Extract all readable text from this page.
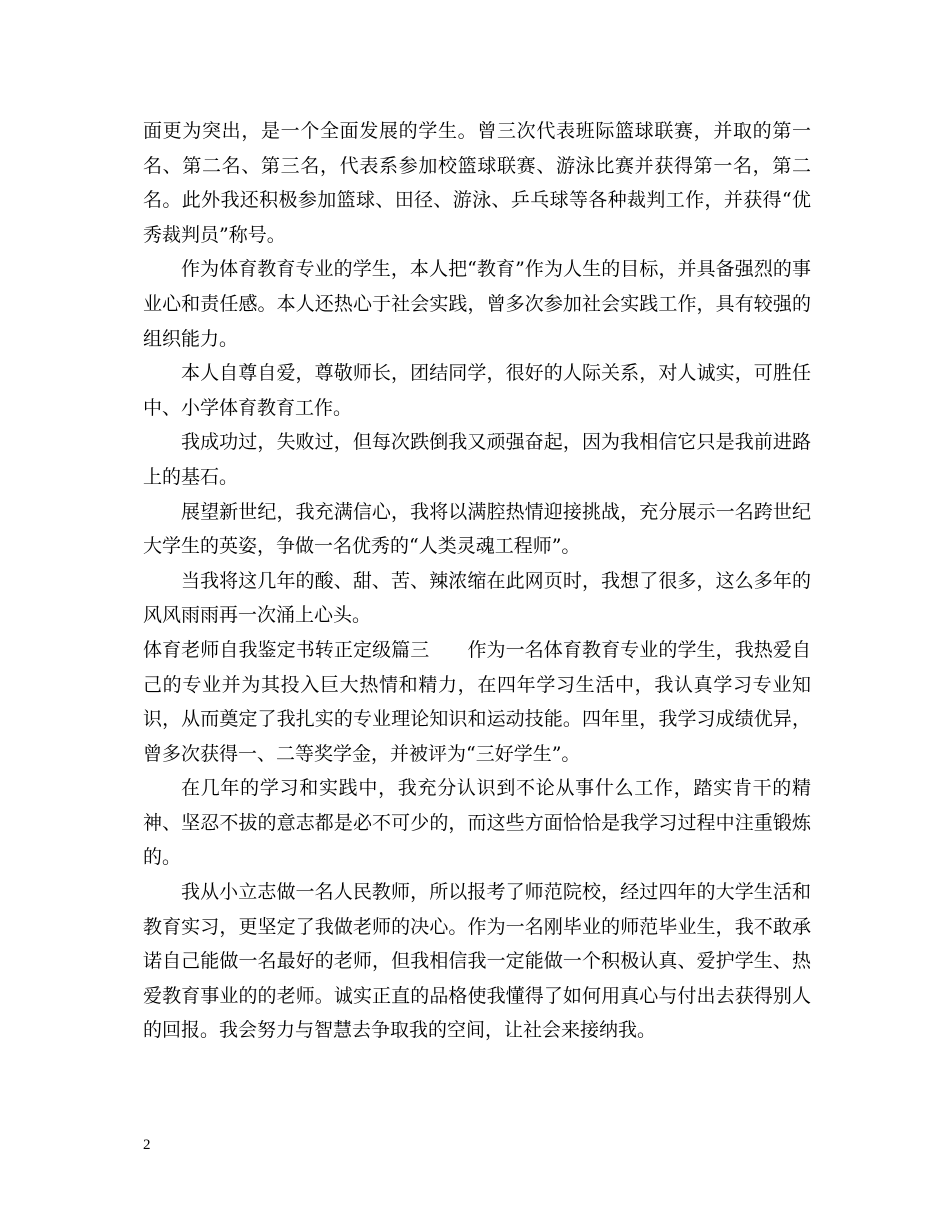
面更为突出，是一个全面发展的学生。曾三次代表班际篮球联赛，并取的第一名、第二名、第三名，代表系参加校篮球联赛、游泳比赛并获得第一名，第二名。此外我还积极参加篮球、田径、游泳、乒乓球等各种裁判工作，并获得“优秀裁判员”称号。

作为体育教育专业的学生，本人把“教育”作为人生的目标，并具备强烈的事业心和责任感。本人还热心于社会实践，曾多次参加社会实践工作，具有较强的组织能力。

本人自尊自爱，尊敬师长，团结同学，很好的人际关系，对人诚实，可胜任中、小学体育教育工作。

我成功过，失败过，但每次跌倒我又顽强奋起，因为我相信它只是我前进路上的基石。

展望新世纪，我充满信心，我将以满腔热情迎接挑战，充分展示一名跨世纪大学生的英姿，争做一名优秀的“人类灵魂工程师”。

当我将这几年的酸、甜、苦、辣浓缩在此网页时，我想了很多，这么多年的风风雨雨再一次涌上心头。

体育老师自我鉴定书转正定级篇三 作为一名体育教育专业的学生，我热爱自己的专业并为其投入巨大热情和精力，在四年学习生活中，我认真学习专业知识，从而奠定了我扎实的专业理论知识和运动技能。四年里，我学习成绩优异，曾多次获得一、二等奖学金，并被评为“三好学生”。

在几年的学习和实践中，我充分认识到不论从事什么工作，踏实肯干的精神、坚忍不拔的意志都是必不可少的，而这些方面恰恰是我学习过程中注重锻炼的。

我从小立志做一名人民教师，所以报考了师范院校，经过四年的大学生活和教育实习，更坚定了我做老师的决心。作为一名刚毕业的师范毕业生，我不敢承诺自己能做一名最好的老师，但我相信我一定能做一个积极认真、爱护学生、热爱教育事业的的老师。诚实正直的品格使我懂得了如何用真心与付出去获得别人的回报。我会努力与智慧去争取我的空间，让社会来接纳我。

2
